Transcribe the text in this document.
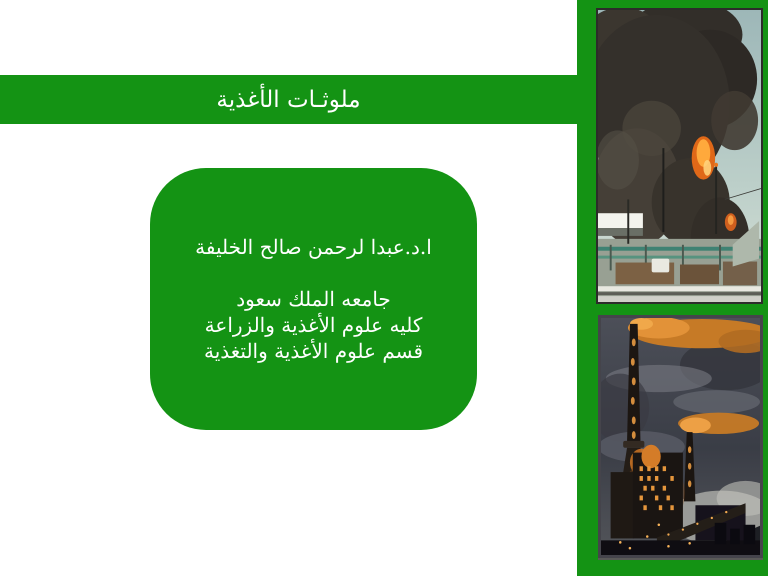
ملوثـات الأغذية

ا.د.عبدا لرحمن صالح الخليفة

جامعه الملك سعود

كليه علوم الأغذية والزراعة

قسم علوم الأغذية والتغذية
